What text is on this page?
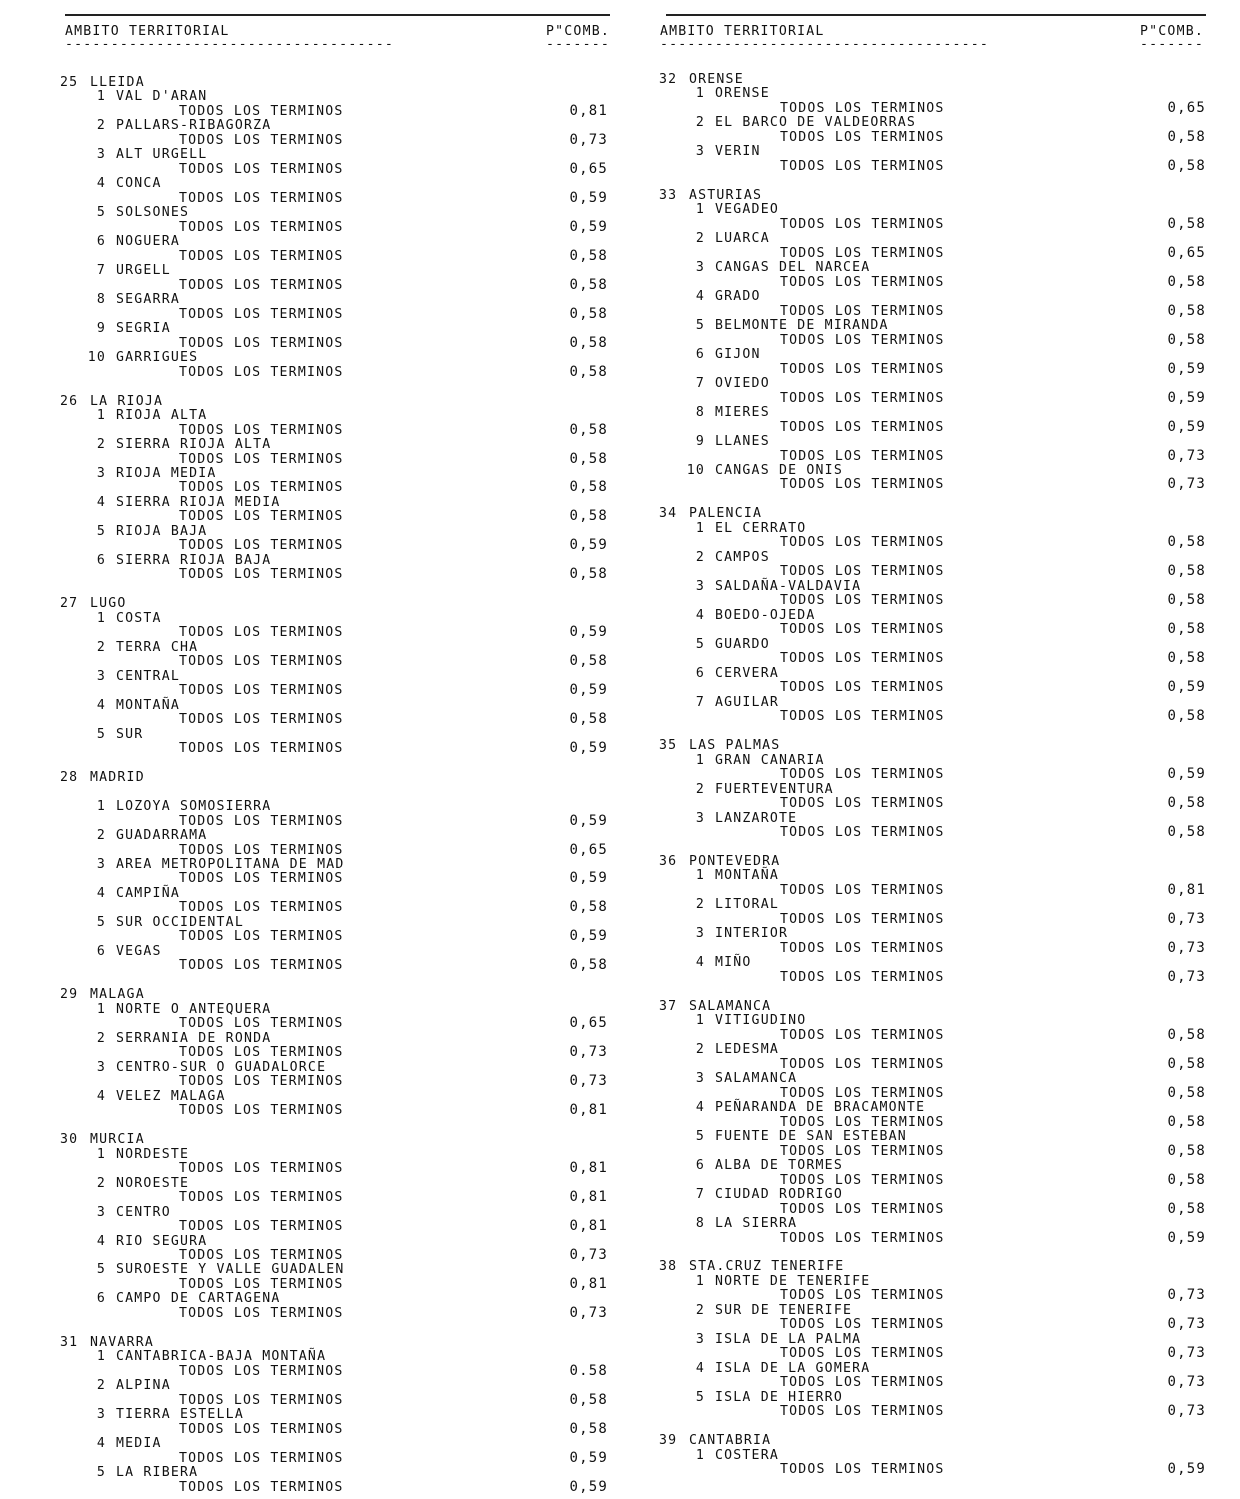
AMBITO TERRITORIAL	P"COMB.
------------------------------------	-------
25 LLEIDA
1 VAL D'ARAN
TODOS LOS TERMINOS	0,81
2 PALLARS-RIBAGORZA
TODOS LOS TERMINOS	0,73
3 ALT URGELL
TODOS LOS TERMINOS	0,65
4 CONCA
TODOS LOS TERMINOS	0,59
5 SOLSONES
TODOS LOS TERMINOS	0,59
6 NOGUERA
TODOS LOS TERMINOS	0,58
7 URGELL
TODOS LOS TERMINOS	0,58
8 SEGARRA
TODOS LOS TERMINOS	0,58
9 SEGRIA
TODOS LOS TERMINOS	0,58
10 GARRIGUES
TODOS LOS TERMINOS	0,58
26 LA RIOJA
1 RIOJA ALTA
TODOS LOS TERMINOS	0,58
2 SIERRA RIOJA ALTA
TODOS LOS TERMINOS	0,58
3 RIOJA MEDIA
TODOS LOS TERMINOS	0,58
4 SIERRA RIOJA MEDIA
TODOS LOS TERMINOS	0,58
5 RIOJA BAJA
TODOS LOS TERMINOS	0,59
6 SIERRA RIOJA BAJA
TODOS LOS TERMINOS	0,58
27 LUGO
1 COSTA
TODOS LOS TERMINOS	0,59
2 TERRA CHA
TODOS LOS TERMINOS	0,58
3 CENTRAL
TODOS LOS TERMINOS	0,59
4 MONTAÑA
TODOS LOS TERMINOS	0,58
5 SUR
TODOS LOS TERMINOS	0,59
28 MADRID
1 LOZOYA SOMOSIERRA
TODOS LOS TERMINOS	0,59
2 GUADARRAMA
TODOS LOS TERMINOS	0,65
3 AREA METROPOLITANA DE MAD
TODOS LOS TERMINOS	0,59
4 CAMPIÑA
TODOS LOS TERMINOS	0,58
5 SUR OCCIDENTAL
TODOS LOS TERMINOS	0,59
6 VEGAS
TODOS LOS TERMINOS	0,58
29 MALAGA
1 NORTE O ANTEQUERA
TODOS LOS TERMINOS	0,65
2 SERRANIA DE RONDA
TODOS LOS TERMINOS	0,73
3 CENTRO-SUR O GUADALORCE
TODOS LOS TERMINOS	0,73
4 VELEZ MALAGA
TODOS LOS TERMINOS	0,81
30 MURCIA
1 NORDESTE
TODOS LOS TERMINOS	0,81
2 NOROESTE
TODOS LOS TERMINOS	0,81
3 CENTRO
TODOS LOS TERMINOS	0,81
4 RIO SEGURA
TODOS LOS TERMINOS	0,73
5 SUROESTE Y VALLE GUADALEN
TODOS LOS TERMINOS	0,81
6 CAMPO DE CARTAGENA
TODOS LOS TERMINOS	0,73
31 NAVARRA
1 CANTABRICA-BAJA MONTAÑA
TODOS LOS TERMINOS	0.58
2 ALPINA
TODOS LOS TERMINOS	0,58
3 TIERRA ESTELLA
TODOS LOS TERMINOS	0,58
4 MEDIA
TODOS LOS TERMINOS	0,59
5 LA RIBERA
TODOS LOS TERMINOS	0,59
AMBITO TERRITORIAL	P"COMB.
------------------------------------	-------
32 ORENSE
1 ORENSE
TODOS LOS TERMINOS	0,65
2 EL BARCO DE VALDEORRAS
TODOS LOS TERMINOS	0,58
3 VERIN
TODOS LOS TERMINOS	0,58
33 ASTURIAS
1 VEGADEO
TODOS LOS TERMINOS	0,58
2 LUARCA
TODOS LOS TERMINOS	0,65
3 CANGAS DEL NARCEA
TODOS LOS TERMINOS	0,58
4 GRADO
TODOS LOS TERMINOS	0,58
5 BELMONTE DE MIRANDA
TODOS LOS TERMINOS	0,58
6 GIJON
TODOS LOS TERMINOS	0,59
7 OVIEDO
TODOS LOS TERMINOS	0,59
8 MIERES
TODOS LOS TERMINOS	0,59
9 LLANES
TODOS LOS TERMINOS	0,73
10 CANGAS DE ONIS
TODOS LOS TERMINOS	0,73
34 PALENCIA
1 EL CERRATO
TODOS LOS TERMINOS	0,58
2 CAMPOS
TODOS LOS TERMINOS	0,58
3 SALDAÑA-VALDAVIA
TODOS LOS TERMINOS	0,58
4 BOEDO-OJEDA
TODOS LOS TERMINOS	0,58
5 GUARDO
TODOS LOS TERMINOS	0,58
6 CERVERA
TODOS LOS TERMINOS	0,59
7 AGUILAR
TODOS LOS TERMINOS	0,58
35 LAS PALMAS
1 GRAN CANARIA
TODOS LOS TERMINOS	0,59
2 FUERTEVENTURA
TODOS LOS TERMINOS	0,58
3 LANZAROTE
TODOS LOS TERMINOS	0,58
36 PONTEVEDRA
1 MONTAÑA
TODOS LOS TERMINOS	0,81
2 LITORAL
TODOS LOS TERMINOS	0,73
3 INTERIOR
TODOS LOS TERMINOS	0,73
4 MIÑO
TODOS LOS TERMINOS	0,73
37 SALAMANCA
1 VITIGUDINO
TODOS LOS TERMINOS	0,58
2 LEDESMA
TODOS LOS TERMINOS	0,58
3 SALAMANCA
TODOS LOS TERMINOS	0,58
4 PEÑARANDA DE BRACAMONTE
TODOS LOS TERMINOS	0,58
5 FUENTE DE SAN ESTEBAN
TODOS LOS TERMINOS	0,58
6 ALBA DE TORMES
TODOS LOS TERMINOS	0,58
7 CIUDAD RODRIGO
TODOS LOS TERMINOS	0,58
8 LA SIERRA
TODOS LOS TERMINOS	0,59
38 STA.CRUZ TENERIFE
1 NORTE DE TENERIFE
TODOS LOS TERMINOS	0,73
2 SUR DE TENERIFE
TODOS LOS TERMINOS	0,73
3 ISLA DE LA PALMA
TODOS LOS TERMINOS	0,73
4 ISLA DE LA GOMERA
TODOS LOS TERMINOS	0,73
5 ISLA DE HIERRO
TODOS LOS TERMINOS	0,73
39 CANTABRIA
1 COSTERA
TODOS LOS TERMINOS	0,59
